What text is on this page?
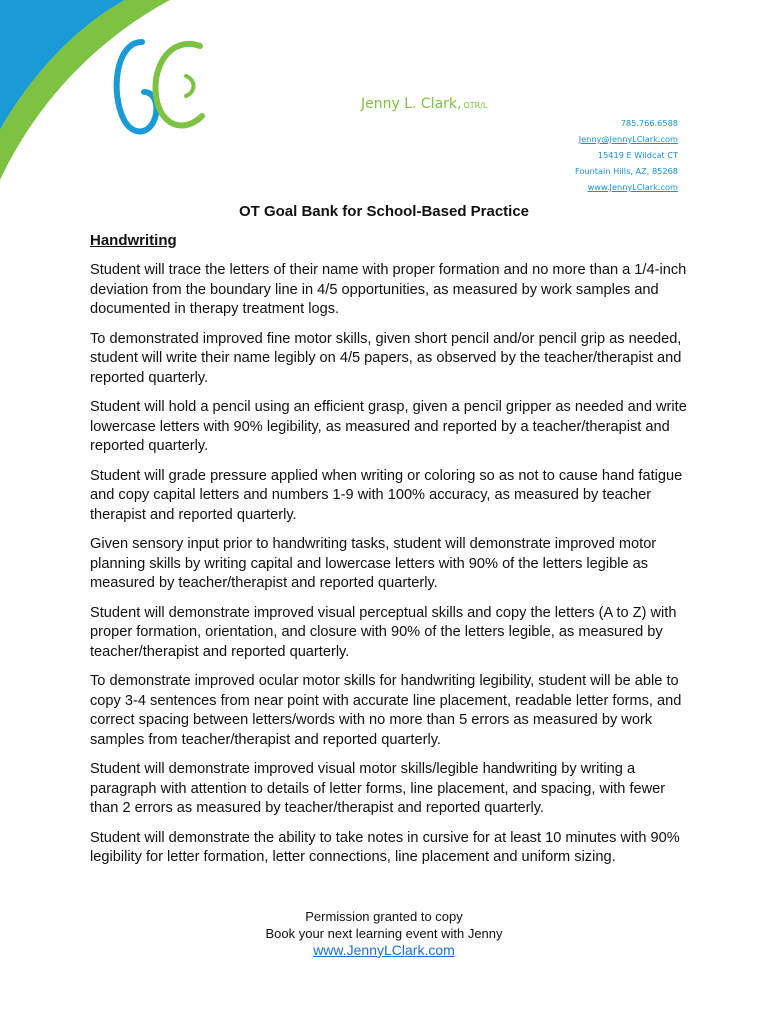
Jenny L. Clark, OTR/L
785.766.6588
Jenny@JennyLClark.com
15419 E Wildcat CT
Fountain Hills, AZ, 85268
www.JennyLClark.com
OT Goal Bank for School-Based Practice
Handwriting

Student will trace the letters of their name with proper formation and no more than a 1/4-inch deviation from the boundary line in 4/5 opportunities, as measured by work samples and documented in therapy treatment logs.

To demonstrated improved fine motor skills, given short pencil and/or pencil grip as needed, student will write their name legibly on 4/5 papers, as observed by the teacher/therapist and reported quarterly.

Student will hold a pencil using an efficient grasp, given a pencil gripper as needed and write lowercase letters with 90% legibility, as measured and reported by a teacher/therapist and reported quarterly.

Student will grade pressure applied when writing or coloring so as not to cause hand fatigue and copy capital letters and numbers 1-9 with 100% accuracy, as measured by teacher therapist and reported quarterly.

Given sensory input prior to handwriting tasks, student will demonstrate improved motor planning skills by writing capital and lowercase letters with 90% of the letters legible as measured by teacher/therapist and reported quarterly.

Student will demonstrate improved visual perceptual skills and copy the letters (A to Z) with proper formation, orientation, and closure with 90% of the letters legible, as measured by teacher/therapist and reported quarterly.

To demonstrate improved ocular motor skills for handwriting legibility, student will be able to copy 3-4 sentences from near point with accurate line placement, readable letter forms, and correct spacing between letters/words with no more than 5 errors as measured by work samples from teacher/therapist and reported quarterly.

Student will demonstrate improved visual motor skills/legible handwriting by writing a paragraph with attention to details of letter forms, line placement, and spacing, with fewer than 2 errors as measured by teacher/therapist and reported quarterly.

Student will demonstrate the ability to take notes in cursive for at least 10 minutes with 90% legibility for letter formation, letter connections, line placement and uniform sizing.

Permission granted to copy
Book your next learning event with Jenny
www.JennyLClark.com
